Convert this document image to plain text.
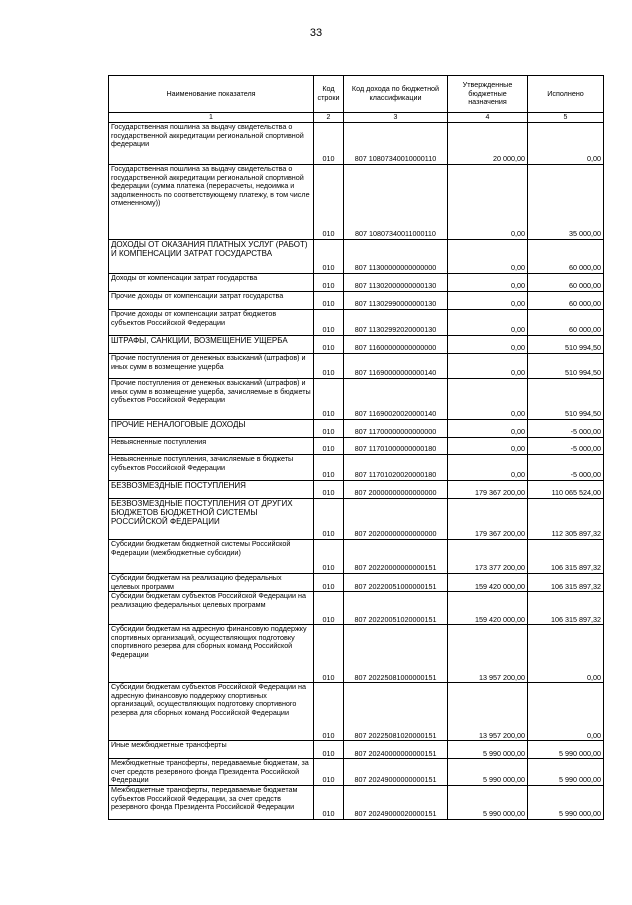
33
Наименование показателя	Код строки	Код дохода по бюджетной классификации	Утвержденные бюджетные назначения	Исполнено
1	2	3	4	5
Государственная пошлина за выдачу свидетельства о государственной аккредитации региональной спортивной федерации	010	807 10807340010000110	20 000,00	0,00
Государственная пошлина за выдачу свидетельства о государственной аккредитации региональной спортивной федерации (сумма платежа (перерасчеты, недоимка и задолженность по соответствующему платежу, в том числе отмененному))	010	807 10807340011000110	0,00	35 000,00
ДОХОДЫ ОТ ОКАЗАНИЯ ПЛАТНЫХ УСЛУГ (РАБОТ) И КОМПЕНСАЦИИ ЗАТРАТ ГОСУДАРСТВА	010	807 11300000000000000	0,00	60 000,00
Доходы от компенсации затрат государства	010	807 11302000000000130	0,00	60 000,00
Прочие доходы от компенсации затрат государства	010	807 11302990000000130	0,00	60 000,00
Прочие доходы от компенсации затрат бюджетов субъектов Российской Федерации	010	807 11302992020000130	0,00	60 000,00
ШТРАФЫ, САНКЦИИ, ВОЗМЕЩЕНИЕ УЩЕРБА	010	807 11600000000000000	0,00	510 994,50
Прочие поступления от денежных взысканий (штрафов) и иных сумм в возмещение ущерба	010	807 11690000000000140	0,00	510 994,50
Прочие поступления от денежных взысканий (штрафов) и иных сумм в возмещение ущерба, зачисляемые в бюджеты субъектов Российской Федерации	010	807 11690020020000140	0,00	510 994,50
ПРОЧИЕ НЕНАЛОГОВЫЕ ДОХОДЫ	010	807 11700000000000000	0,00	-5 000,00
Невыясненные поступления	010	807 11701000000000180	0,00	-5 000,00
Невыясненные поступления, зачисляемые в бюджеты субъектов Российской Федерации	010	807 11701020020000180	0,00	-5 000,00
БЕЗВОЗМЕЗДНЫЕ ПОСТУПЛЕНИЯ	010	807 20000000000000000	179 367 200,00	110 065 524,00
БЕЗВОЗМЕЗДНЫЕ ПОСТУПЛЕНИЯ ОТ ДРУГИХ БЮДЖЕТОВ БЮДЖЕТНОЙ СИСТЕМЫ РОССИЙСКОЙ ФЕДЕРАЦИИ	010	807 20200000000000000	179 367 200,00	112 305 897,32
Субсидии бюджетам бюджетной системы Российской Федерации (межбюджетные субсидии)	010	807 20220000000000151	173 377 200,00	106 315 897,32
Субсидии бюджетам на реализацию федеральных целевых программ	010	807 20220051000000151	159 420 000,00	106 315 897,32
Субсидии бюджетам субъектов Российской Федерации на реализацию федеральных целевых программ	010	807 20220051020000151	159 420 000,00	106 315 897,32
Субсидии бюджетам на адресную финансовую поддержку спортивных организаций, осуществляющих подготовку спортивного резерва для сборных команд Российской Федерации	010	807 20225081000000151	13 957 200,00	0,00
Субсидии бюджетам субъектов Российской Федерации на адресную финансовую поддержку спортивных организаций, осуществляющих подготовку спортивного резерва для сборных команд Российской Федерации	010	807 20225081020000151	13 957 200,00	0,00
Иные межбюджетные трансферты	010	807 20240000000000151	5 990 000,00	5 990 000,00
Межбюджетные трансферты, передаваемые бюджетам, за счет средств резервного фонда Президента Российской Федерации	010	807 20249000000000151	5 990 000,00	5 990 000,00
Межбюджетные трансферты, передаваемые бюджетам субъектов Российской Федерации, за счет средств резервного фонда Президента Российской Федерации	010	807 20249000020000151	5 990 000,00	5 990 000,00
